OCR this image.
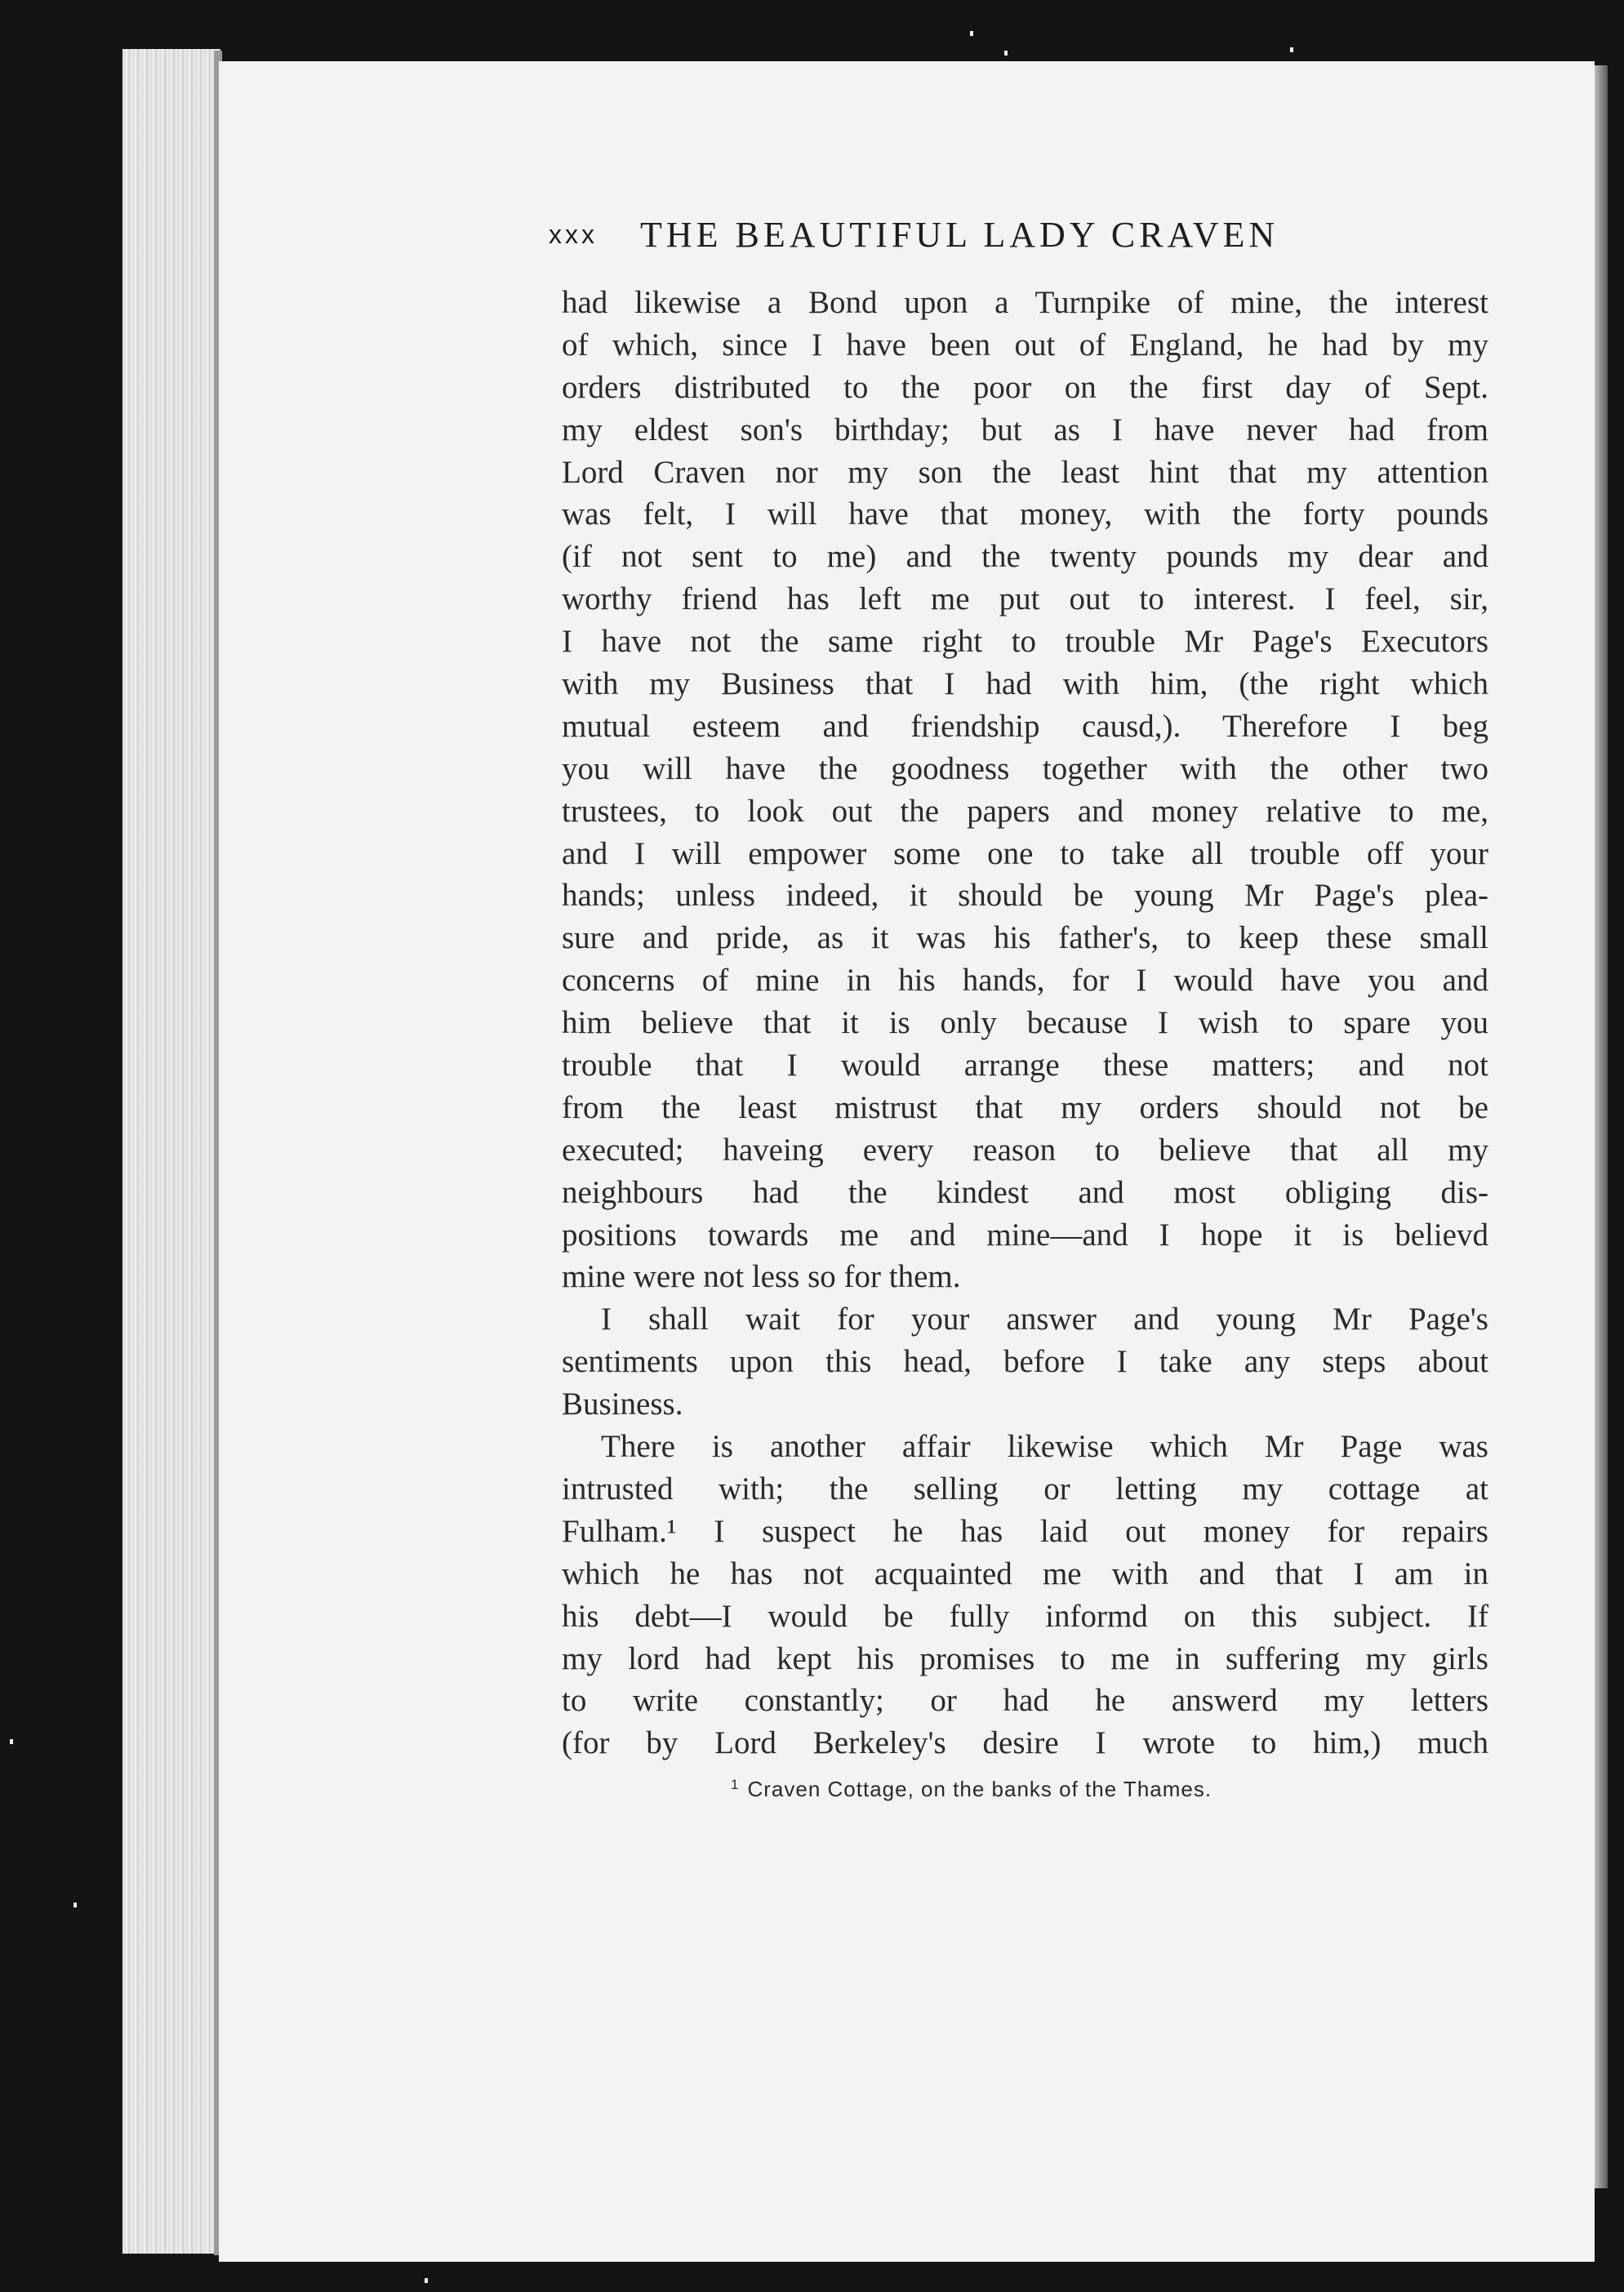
xxx THE BEAUTIFUL LADY CRAVEN
had likewise a Bond upon a Turnpike of mine, the interest
of which, since I have been out of England, he had by my
orders distributed to the poor on the first day of Sept.
my eldest son's birthday; but as I have never had from
Lord Craven nor my son the least hint that my attention
was felt, I will have that money, with the forty pounds
(if not sent to me) and the twenty pounds my dear and
worthy friend has left me put out to interest. I feel, sir,
I have not the same right to trouble Mr Page's Executors
with my Business that I had with him, (the right which
mutual esteem and friendship causd,). Therefore I beg
you will have the goodness together with the other two
trustees, to look out the papers and money relative to me,
and I will empower some one to take all trouble off your
hands; unless indeed, it should be young Mr Page's plea-
sure and pride, as it was his father's, to keep these small
concerns of mine in his hands, for I would have you and
him believe that it is only because I wish to spare you
trouble that I would arrange these matters; and not
from the least mistrust that my orders should not be
executed; haveing every reason to believe that all my
neighbours had the kindest and most obliging dis-
positions towards me and mine—and I hope it is believd
mine were not less so for them.
I shall wait for your answer and young Mr Page's
sentiments upon this head, before I take any steps about
Business.
There is another affair likewise which Mr Page was
intrusted with; the selling or letting my cottage at
Fulham.¹ I suspect he has laid out money for repairs
which he has not acquainted me with and that I am in
his debt—I would be fully informd on this subject. If
my lord had kept his promises to me in suffering my girls
to write constantly; or had he answerd my letters
(for by Lord Berkeley's desire I wrote to him,) much
$^1$ Craven Cottage, on the banks of the Thames.
